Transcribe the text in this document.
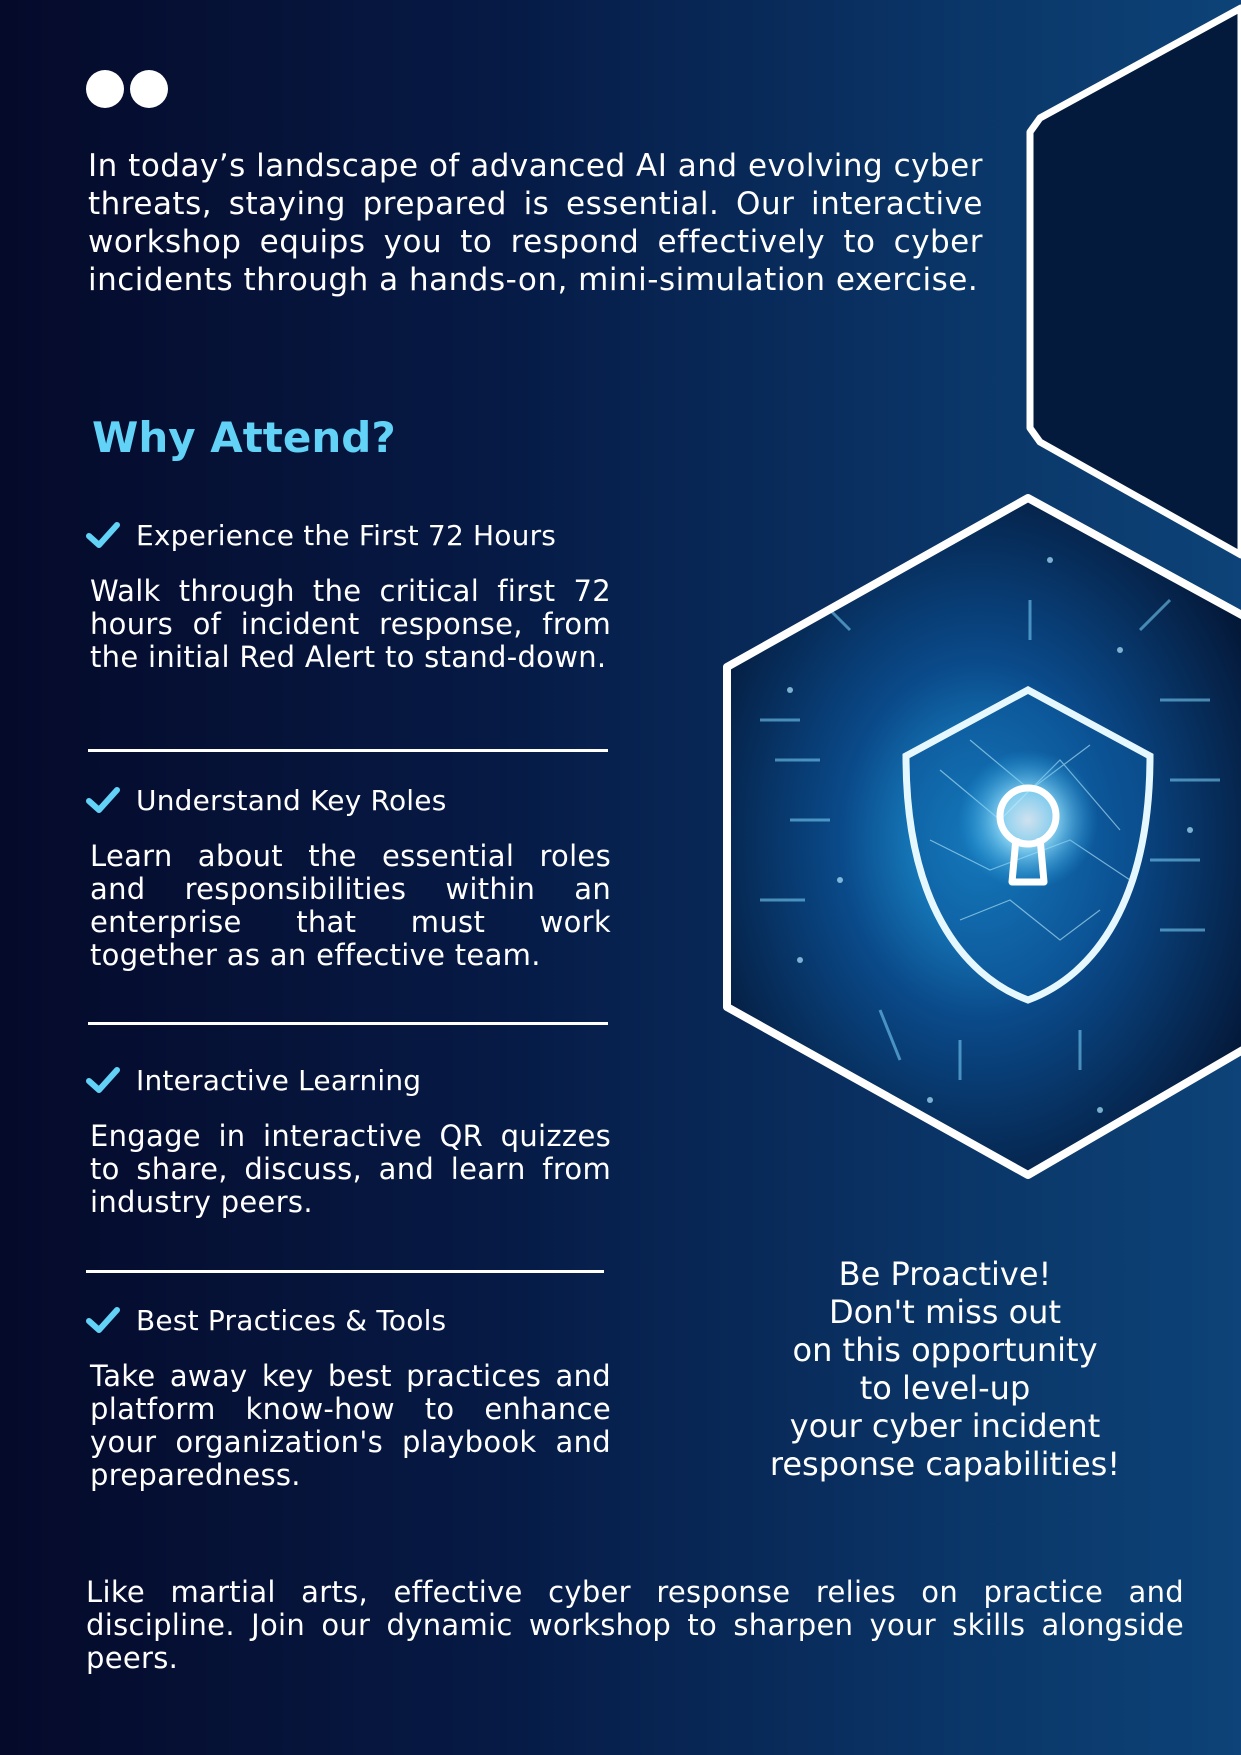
In today’s landscape of advanced AI and evolving cyber threats, staying prepared is essential. Our interactive workshop equips you to respond effectively to cyber incidents through a hands-on, mini-simulation exercise.

Why Attend?
Experience the First 72 Hours

Walk through the critical first 72 hours of incident response, from the initial Red Alert to stand-down.

Understand Key Roles

Learn about the essential roles and responsibilities within an enterprise that must work together as an effective team.

Interactive Learning

Engage in interactive QR quizzes to share, discuss, and learn from industry peers.

Best Practices & Tools

Take away key best practices and platform know-how to enhance your organization's playbook and preparedness.

Be Proactive!
Don't miss out
on this opportunity
to level-up
your cyber incident
response capabilities!

Like martial arts, effective cyber response relies on practice and discipline. Join our dynamic workshop to sharpen your skills alongside peers.
